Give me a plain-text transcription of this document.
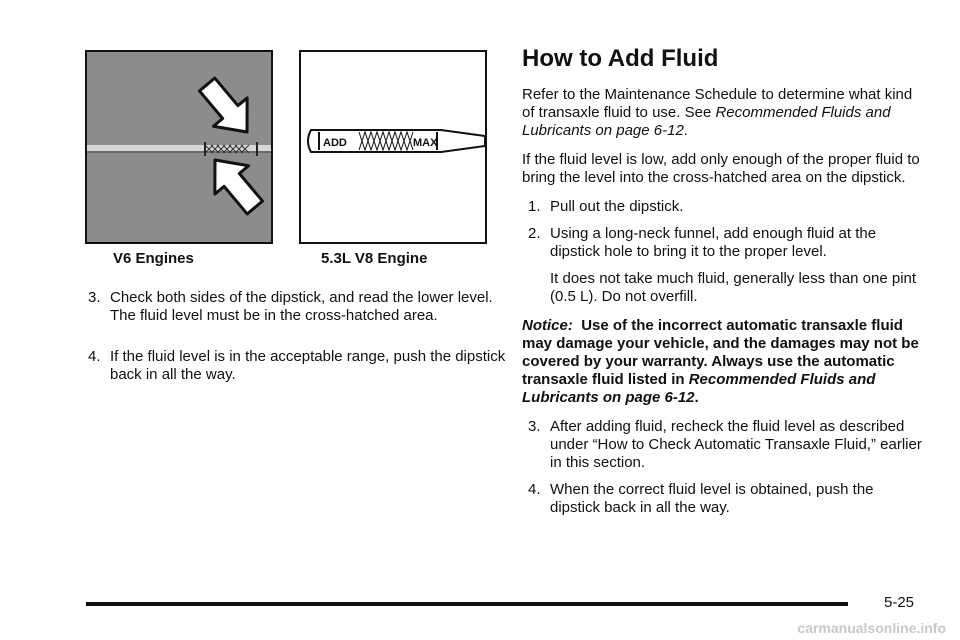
ADD	MAX
V6 Engines	5.3L V8 Engine
3. Check both sides of the dipstick, and read the lower level. The fluid level must be in the cross-hatched area.
4. If the fluid level is in the acceptable range, push the dipstick back in all the way.
How to Add Fluid

Refer to the Maintenance Schedule to determine what kind of transaxle fluid to use. See Recommended Fluids and Lubricants on page 6-12.

If the fluid level is low, add only enough of the proper fluid to bring the level into the cross-hatched area on the dipstick.

1. Pull out the dipstick.
2. Using a long-neck funnel, add enough fluid at the dipstick hole to bring it to the proper level.

It does not take much fluid, generally less than one pint (0.5 L). Do not overfill.

Notice: Use of the incorrect automatic transaxle fluid may damage your vehicle, and the damages may not be covered by your warranty. Always use the automatic transaxle fluid listed in Recommended Fluids and Lubricants on page 6-12.

3. After adding fluid, recheck the fluid level as described under “How to Check Automatic Transaxle Fluid,” earlier in this section.
4. When the correct fluid level is obtained, push the dipstick back in all the way.
5-25
carmanualsonline.info
